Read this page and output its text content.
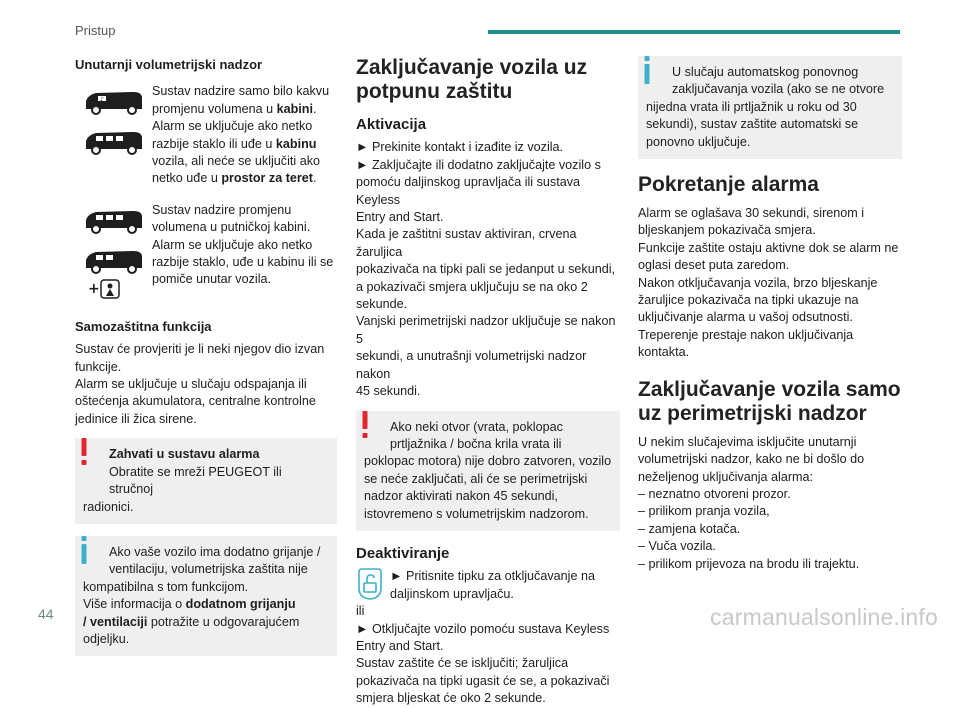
Pristup

Unutarnji volumetrijski nadzor

♪

Sustav nadzire samo bilo kakvu

promjenu volumena u kabini.

Alarm se uključuje ako netko

razbije staklo ili uđe u kabinu

vozila, ali neće se uključiti ako

netko uđe u prostor za teret.

+

Sustav nadzire promjenu

volumena u putničkoj kabini.

Alarm se uključuje ako netko

razbije staklo, uđe u kabinu ili se

pomiče unutar vozila.

Samozaštitna funkcija

Sustav će provjeriti je li neki njegov dio izvan

funkcije.

Alarm se uključuje u slučaju odspajanja ili

oštećenja akumulatora, centralne kontrolne

jedinice ili žica sirene.

Zahvati u sustavu alarma

Obratite se mreži PEUGEOT ili stručnoj

radionici.

Ako vaše vozilo ima dodatno grijanje /

ventilaciju, volumetrijska zaštita nije

kompatibilna s tom funkcijom.

Više informacija o dodatnom grijanju

/ ventilaciji potražite u odgovarajućem

odjeljku.

Zaključavanje vozila uz

potpunu zaštitu

Aktivacija

► Prekinite kontakt i izađite iz vozila.

► Zaključajte ili dodatno zaključajte vozilo s

pomoću daljinskog upravljača ili sustava Keyless

Entry and Start.

Kada je zaštitni sustav aktiviran, crvena žaruljica

pokazivača na tipki pali se jedanput u sekundi,

a pokazivači smjera uključuju se na oko 2

sekunde.

Vanjski perimetrijski nadzor uključuje se nakon 5

sekundi, a unutrašnji volumetrijski nadzor nakon

45 sekundi.

Ako neki otvor (vrata, poklopac

prtljažnika / bočna krila vrata ili

poklopac motora) nije dobro zatvoren, vozilo

se neće zaključati, ali će se perimetrijski

nadzor aktivirati nakon 45 sekundi,

istovremeno s volumetrijskim nadzorom.

Deaktiviranje

► Pritisnite tipku za otključavanje na

daljinskom upravljaču.

ili

► Otključajte vozilo pomoću sustava Keyless

Entry and Start.

Sustav zaštite će se isključiti; žaruljica

pokazivača na tipki ugasit će se, a pokazivači

smjera bljeskat će oko 2 sekunde.

U slučaju automatskog ponovnog

zaključavanja vozila (ako se ne otvore

nijedna vrata ili prtljažnik u roku od 30

sekundi), sustav zaštite automatski se

ponovno uključuje.

Pokretanje alarma

Alarm se oglašava 30 sekundi, sirenom i

bljeskanjem pokazivača smjera.

Funkcije zaštite ostaju aktivne dok se alarm ne

oglasi deset puta zaredom.

Nakon otključavanja vozila, brzo bljeskanje

žaruljice pokazivača na tipki ukazuje na

uključivanje alarma u vašoj odsutnosti.

Treperenje prestaje nakon uključivanja kontakta.

Zaključavanje vozila samo

uz perimetrijski nadzor

U nekim slučajevima isključite unutarnji

volumetrijski nadzor, kako ne bi došlo do

neželjenog uključivanja alarma:

– neznatno otvoreni prozor.

– prilikom pranja vozila,

– zamjena kotača.

– Vuča vozila.

– prilikom prijevoza na brodu ili trajektu.

44	carmanualsonline.info
